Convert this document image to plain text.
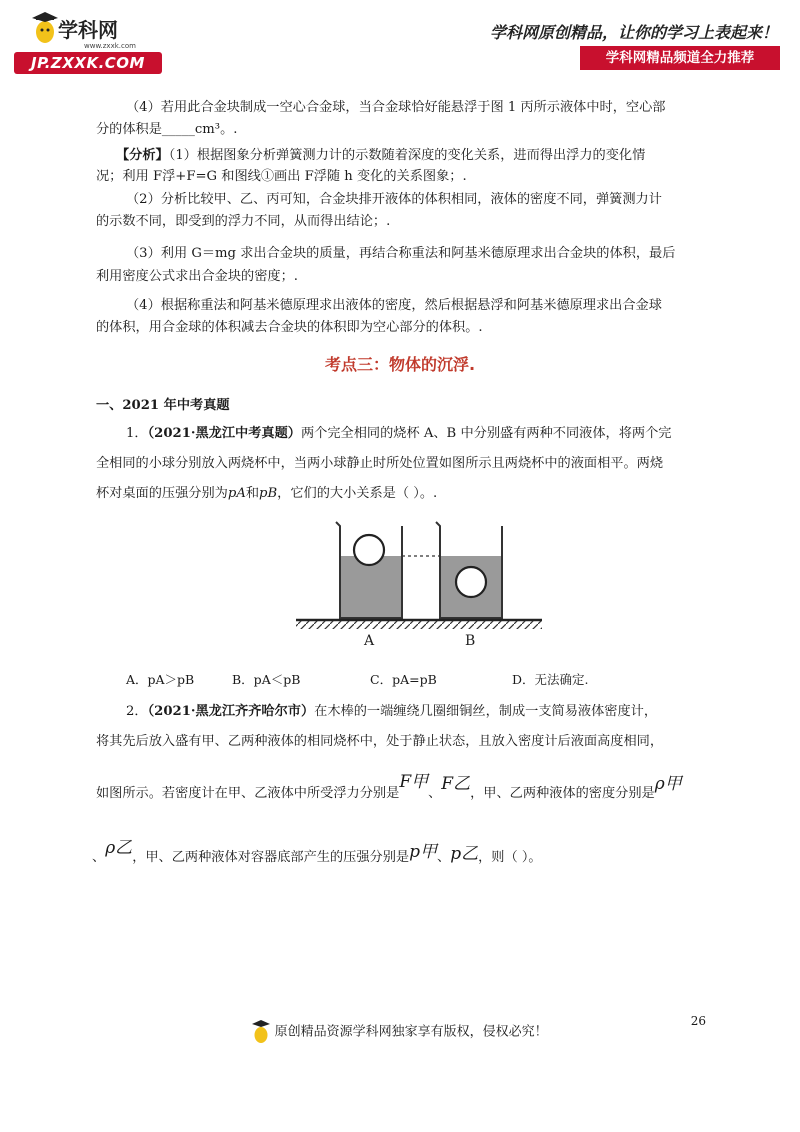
学科网
www.zxxk.com
JP.ZXXK.COM
学科网原创精品，让你的学习上表起来！
学科网精品频道全力推荐
（4）若用此合金块制成一空心合金球，当合金球恰好能悬浮于图 1 丙所示液体中时，空心部
分的体积是_____cm³。.
【分析】（1）根据图象分析弹簧测力计的示数随着深度的变化关系，进而得出浮力的变化情
况；利用 F浮+F=G 和图线①画出 F浮随 h 变化的关系图象；.
（2）分析比较甲、乙、丙可知，合金块排开液体的体积相同，液体的密度不同，弹簧测力计
的示数不同，即受到的浮力不同，从而得出结论；.
（3）利用 G＝mg 求出合金块的质量，再结合称重法和阿基米德原理求出合金块的体积，最后
利用密度公式求出合金块的密度；.
（4）根据称重法和阿基米德原理求出液体的密度，然后根据悬浮和阿基米德原理求出合金球
的体积，用合金球的体积减去合金块的体积即为空心部分的体积。.
考点三：物体的沉浮.
一、2021 年中考真题
1．（2021·黑龙江中考真题）两个完全相同的烧杯 A、B 中分别盛有两种不同液体，将两个完
全相同的小球分别放入两烧杯中，当两小球静止时所处位置如图所示且两烧杯中的液面相平。两烧
杯对桌面的压强分别为pA和pB，它们的大小关系是（ ）。.
A	B
A．pA＞pB	B．pA＜pB	C．pA=pB	D．无法确定.
2．（2021·黑龙江齐齐哈尔市）在木棒的一端缠绕几圈细铜丝，制成一支简易液体密度计，
将其先后放入盛有甲、乙两种液体的相同烧杯中，处于静止状态，且放入密度计后液面高度相同，
如图所示。若密度计在甲、乙液体中所受浮力分别是F甲、F乙，甲、乙两种液体的密度分别是ρ甲
、ρ乙，甲、乙两种液体对容器底部产生的压强分别是p甲、p乙，则（ ）。
26
原创精品资源学科网独家享有版权，侵权必究！
